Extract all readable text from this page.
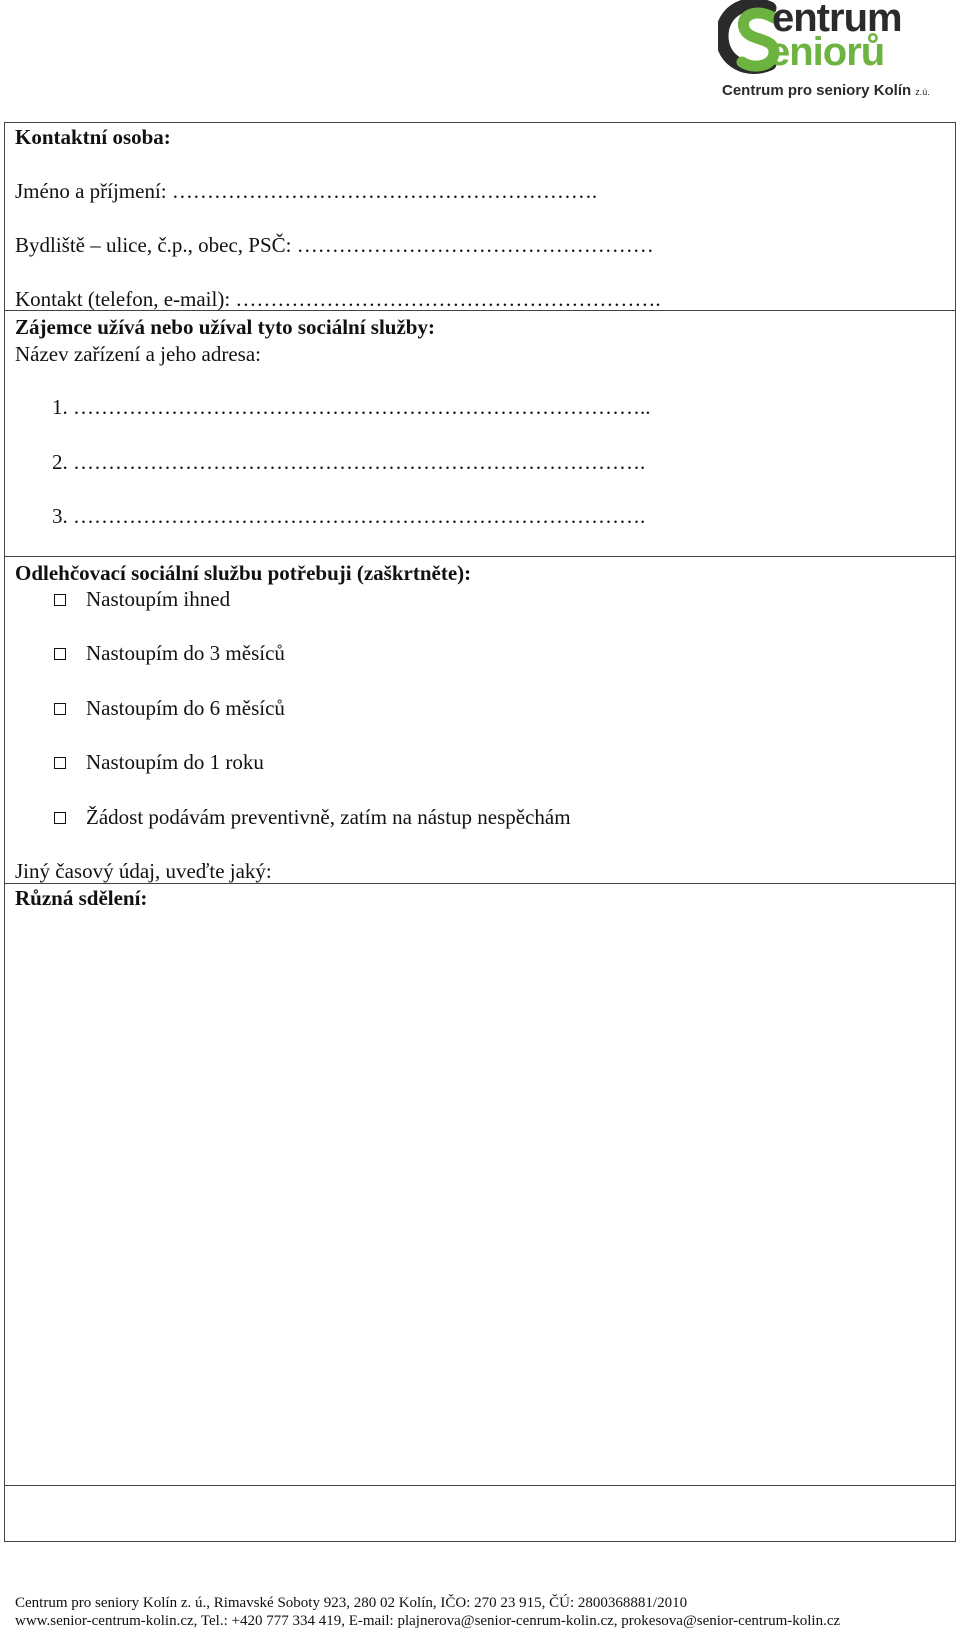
entrum
eniorů
Centrum pro seniory Kolín z.ú.
Kontaktní osoba:
Jméno a příjmení: …………………………………………………….
Bydliště – ulice, č.p., obec, PSČ: ……………………………………………
Kontakt (telefon, e-mail): …………………………………………………….
Zájemce užívá nebo užíval tyto sociální služby:
Název zařízení a jeho adresa:
1. ………………………………………………………………………..
2. ……………………………………………………………………….
3. ……………………………………………………………………….
Odlehčovací sociální službu potřebuji (zaškrtněte):
Nastoupím ihned
Nastoupím do 3 měsíců
Nastoupím do 6 měsíců
Nastoupím do 1 roku
Žádost podávám preventivně, zatím na nástup nespěchám
Jiný časový údaj, uveďte jaký:
Různá sdělení:
Centrum pro seniory Kolín z. ú., Rimavské Soboty 923, 280 02 Kolín, IČO: 270 23 915, ČÚ: 2800368881/2010
www.senior-centrum-kolin.cz, Tel.: +420 777 334 419, E-mail: plajnerova@senior-cenrum-kolin.cz, prokesova@senior-centrum-kolin.cz
